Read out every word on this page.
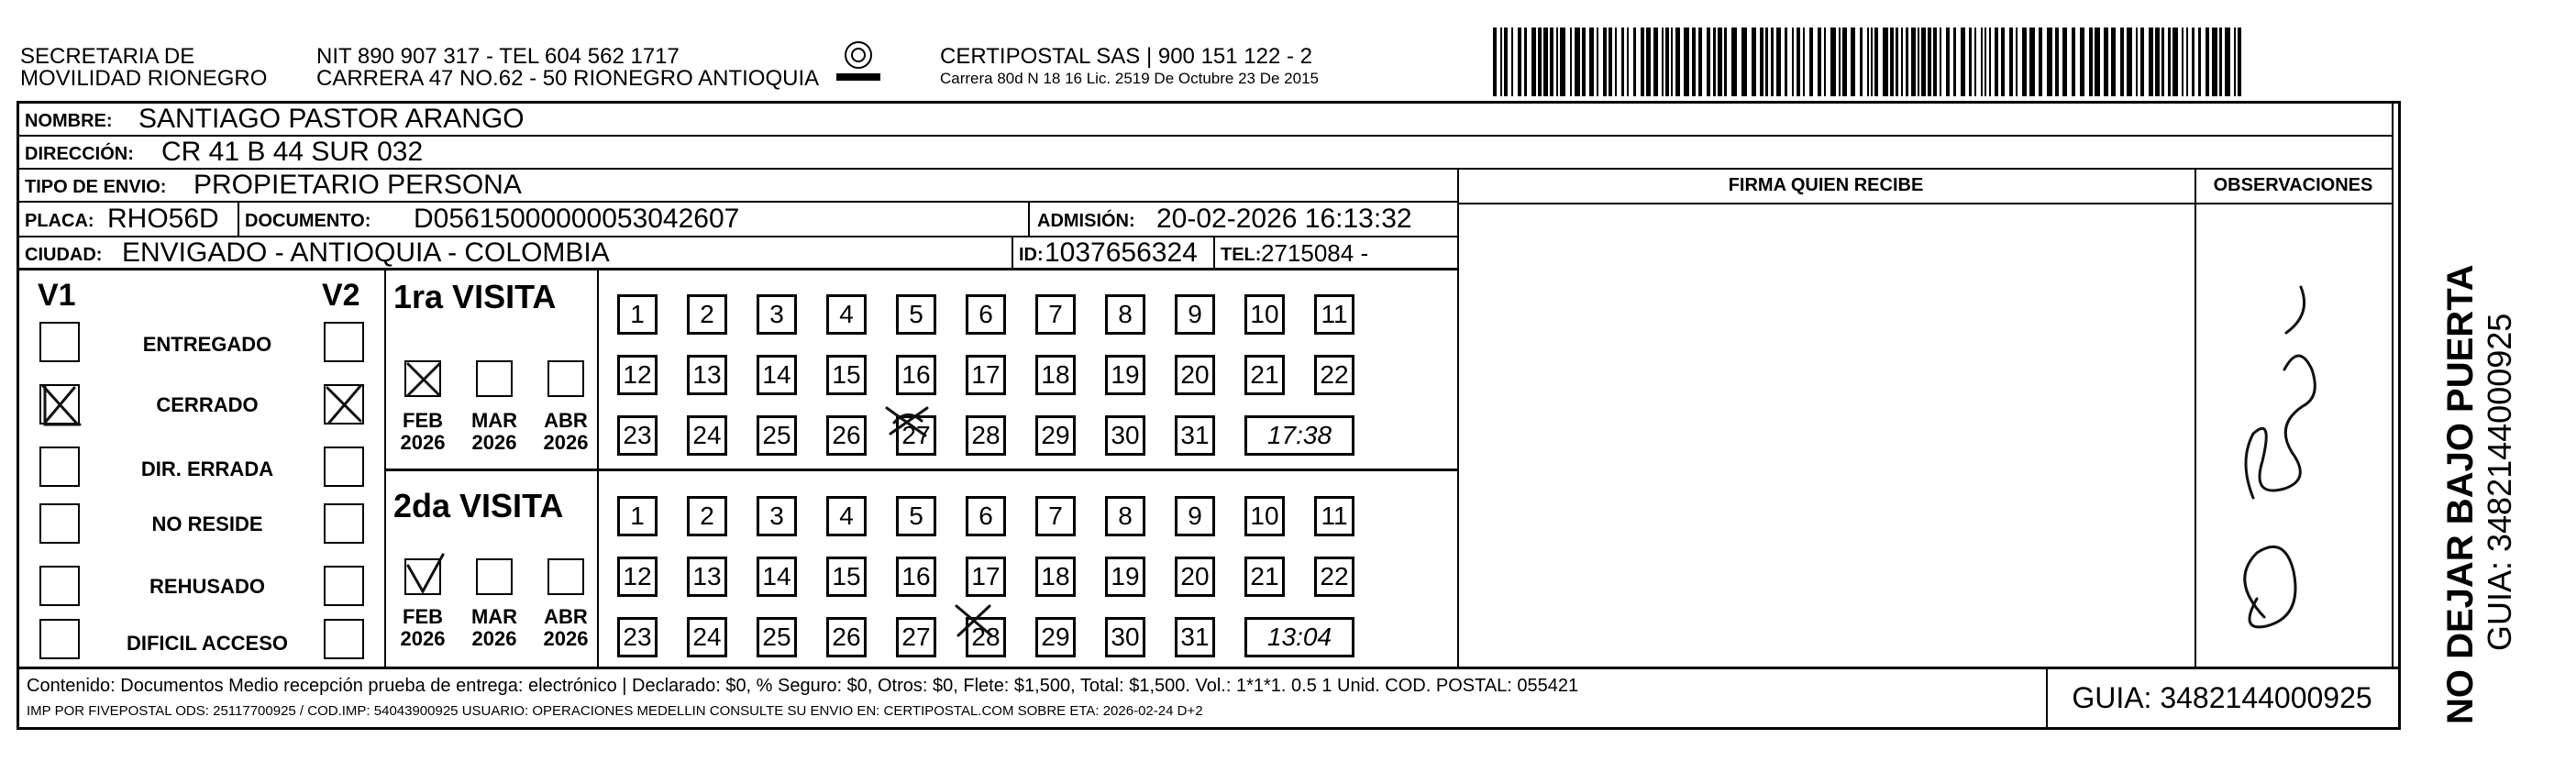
SECRETARIA DE
MOVILIDAD RIONEGRO
NIT 890 907 317 - TEL 604 562 1717
CARRERA 47 NO.62 - 50 RIONEGRO ANTIOQUIA
CERTIPOSTAL SAS | 900 151 122 - 2
Carrera 80d N 18 16 Lic. 2519 De Octubre 23 De 2015
NOMBRE: SANTIAGO PASTOR ARANGO
DIRECCIÓN: CR 41 B 44 SUR 032
TIPO DE ENVIO: PROPIETARIO PERSONA
PLACA: RHO56D DOCUMENTO: D05615000000053042607	ADMISIÓN: 20-02-2026 16:13:32
CIUDAD: ENVIGADO - ANTIOQUIA - COLOMBIA	ID: 1037656324 TEL: 2715084 -
FIRMA QUIEN RECIBE	OBSERVACIONES
V1	V2
ENTREGADO
CERRADO
DIR. ERRADA
NO RESIDE
REHUSADO
DIFICIL ACCESO
1ra VISITA
FEB
2026
MAR
2026
ABR
2026
2da VISITA
FEB
2026
MAR
2026
ABR
2026
1	2	3	4	5	6	7	8	9	10 11
12 13 14 15 16 17 18 19 20 21 22
23 24 25 26 27 28 29 30 31	17:38
1	2	3	4	5	6	7	8	9	10 11
12 13 14 15 16 17 18 19 20 21 22
23 24 25 26 27 28 29 30 31	13:04
Contenido: Documentos Medio recepción prueba de entrega: electrónico | Declarado: $0, % Seguro: $0, Otros: $0, Flete: $1,500, Total: $1,500. Vol.: 1*1*1. 0.5 1 Unid. COD. POSTAL: 055421
IMP POR FIVEPOSTAL ODS: 25117700925 / COD.IMP: 54043900925 USUARIO: OPERACIONES MEDELLIN CONSULTE SU ENVIO EN: CERTIPOSTAL.COM SOBRE ETA: 2026-02-24 D+2	GUIA: 3482144000925	NO DEJAR BAJO PUERTA GUIA: 3482144000925
